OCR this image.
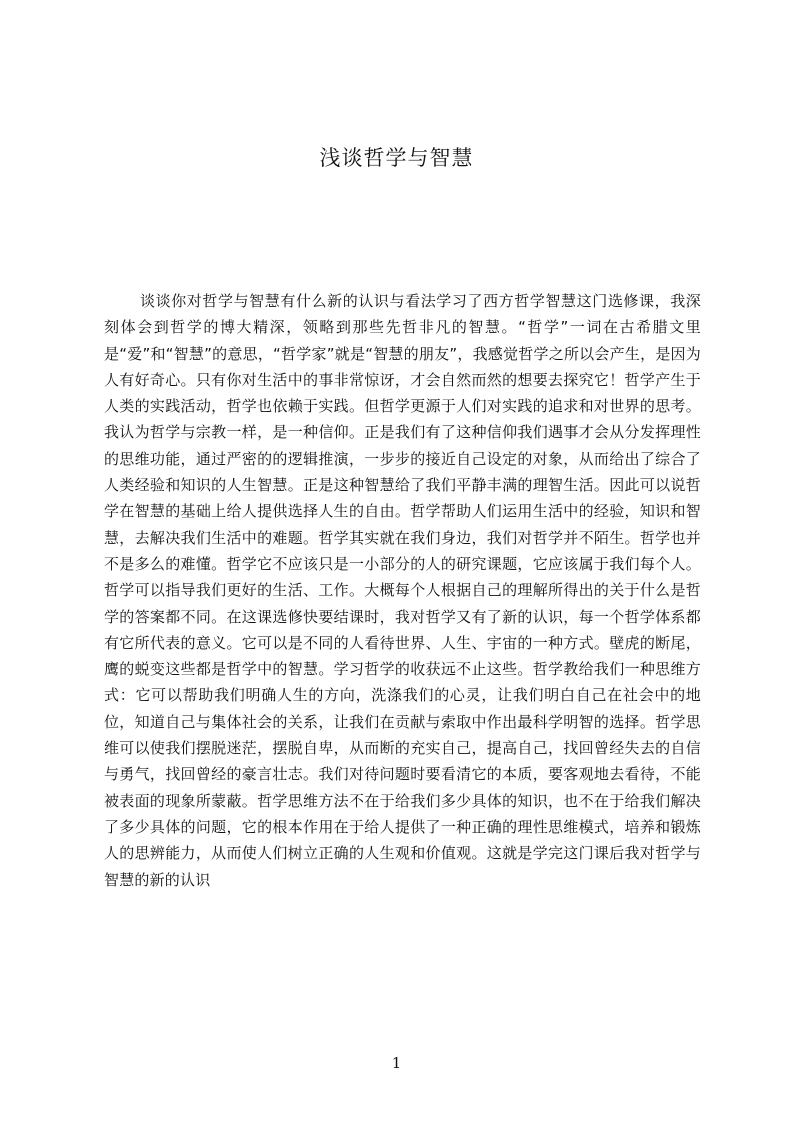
浅谈哲学与智慧

谈谈你对哲学与智慧有什么新的认识与看法学习了西方哲学智慧这门选修课，我深刻体会到哲学的博大精深，领略到那些先哲非凡的智慧。“哲学”一词在古希腊文里是“爱”和“智慧”的意思，“哲学家”就是“智慧的朋友”，我感觉哲学之所以会产生，是因为人有好奇心。只有你对生活中的事非常惊讶，才会自然而然的想要去探究它！哲学产生于人类的实践活动，哲学也依赖于实践。但哲学更源于人们对实践的追求和对世界的思考。我认为哲学与宗教一样，是一种信仰。正是我们有了这种信仰我们遇事才会从分发挥理性的思维功能，通过严密的的逻辑推演，一步步的接近自己设定的对象，从而给出了综合了人类经验和知识的人生智慧。正是这种智慧给了我们平静丰满的理智生活。因此可以说哲学在智慧的基础上给人提供选择人生的自由。哲学帮助人们运用生活中的经验，知识和智慧，去解决我们生活中的难题。哲学其实就在我们身边，我们对哲学并不陌生。哲学也并不是多么的难懂。哲学它不应该只是一小部分的人的研究课题，它应该属于我们每个人。哲学可以指导我们更好的生活、工作。大概每个人根据自己的理解所得出的关于什么是哲学的答案都不同。在这课选修快要结课时，我对哲学又有了新的认识，每一个哲学体系都有它所代表的意义。它可以是不同的人看待世界、人生、宇宙的一种方式。壁虎的断尾，鹰的蜕变这些都是哲学中的智慧。学习哲学的收获远不止这些。哲学教给我们一种思维方式：它可以帮助我们明确人生的方向，洗涤我们的心灵，让我们明白自己在社会中的地位，知道自己与集体社会的关系，让我们在贡献与索取中作出最科学明智的选择。哲学思维可以使我们摆脱迷茫，摆脱自卑，从而断的充实自己，提高自己，找回曾经失去的自信与勇气，找回曾经的豪言壮志。我们对待问题时要看清它的本质，要客观地去看待，不能被表面的现象所蒙蔽。哲学思维方法不在于给我们多少具体的知识，也不在于给我们解决了多少具体的问题，它的根本作用在于给人提供了一种正确的理性思维模式，培养和锻炼人的思辨能力，从而使人们树立正确的人生观和价值观。这就是学完这门课后我对哲学与智慧的新的认识

1
